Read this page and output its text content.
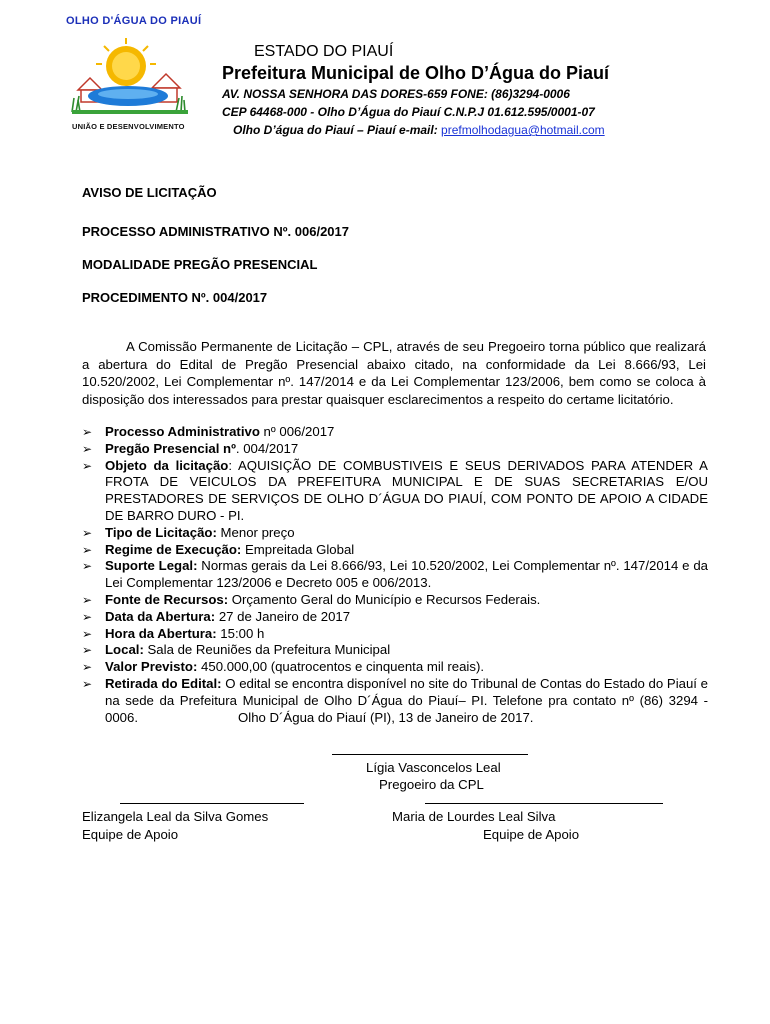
OLHO D'ÁGUA DO PIAUÍ
UNIÃO E DESENVOLVIMENTO
ESTADO DO PIAUÍ
Prefeitura Municipal de Olho D’Água do Piauí
AV. NOSSA SENHORA DAS DORES-659 FONE: (86)3294-0006
CEP 64468-000 - Olho D’Água do Piauí C.N.P.J 01.612.595/0001-07
Olho D’água do Piauí – Piauí e-mail: prefmolhodagua@hotmail.com
AVISO DE LICITAÇÃO
PROCESSO ADMINISTRATIVO Nº. 006/2017
MODALIDADE PREGÃO PRESENCIAL
PROCEDIMENTO Nº. 004/2017
A Comissão Permanente de Licitação – CPL, através de seu Pregoeiro torna público que realizará a abertura do Edital de Pregão Presencial abaixo citado, na conformidade da Lei 8.666/93, Lei 10.520/2002, Lei Complementar nº. 147/2014 e da Lei Complementar 123/2006, bem como se coloca à disposição dos interessados para prestar quaisquer esclarecimentos a respeito do certame licitatório.
➢ Processo Administrativo nº 006/2017
➢ Pregão Presencial nº. 004/2017
➢ Objeto da licitação: AQUISIÇÃO DE COMBUSTIVEIS E SEUS DERIVADOS PARA ATENDER A FROTA DE VEICULOS DA PREFEITURA MUNICIPAL E DE SUAS SECRETARIAS E/OU PRESTADORES DE SERVIÇOS DE OLHO D´ÁGUA DO PIAUÍ, COM PONTO DE APOIO A CIDADE DE BARRO DURO - PI.
➢ Tipo de Licitação: Menor preço
➢ Regime de Execução: Empreitada Global
➢ Suporte Legal: Normas gerais da Lei 8.666/93, Lei 10.520/2002, Lei Complementar nº. 147/2014 e da Lei Complementar 123/2006 e Decreto 005 e 006/2013.
➢ Fonte de Recursos: Orçamento Geral do Município e Recursos Federais.
➢ Data da Abertura: 27 de Janeiro de 2017
➢ Hora da Abertura: 15:00 h
➢ Local: Sala de Reuniões da Prefeitura Municipal
➢ Valor Previsto: 450.000,00 (quatrocentos e cinquenta mil reais).
➢ Retirada do Edital: O edital se encontra disponível no site do Tribunal de Contas do Estado do Piauí e na sede da Prefeitura Municipal de Olho D´Água do Piauí– PI. Telefone pra contato nº (86) 3294 - 0006.	Olho D´Água do Piauí (PI), 13 de Janeiro de 2017.
Lígia Vasconcelos Leal
Pregoeiro da CPL
Elizangela Leal da Silva Gomes
Equipe de Apoio
Maria de Lourdes Leal Silva
Equipe de Apoio
